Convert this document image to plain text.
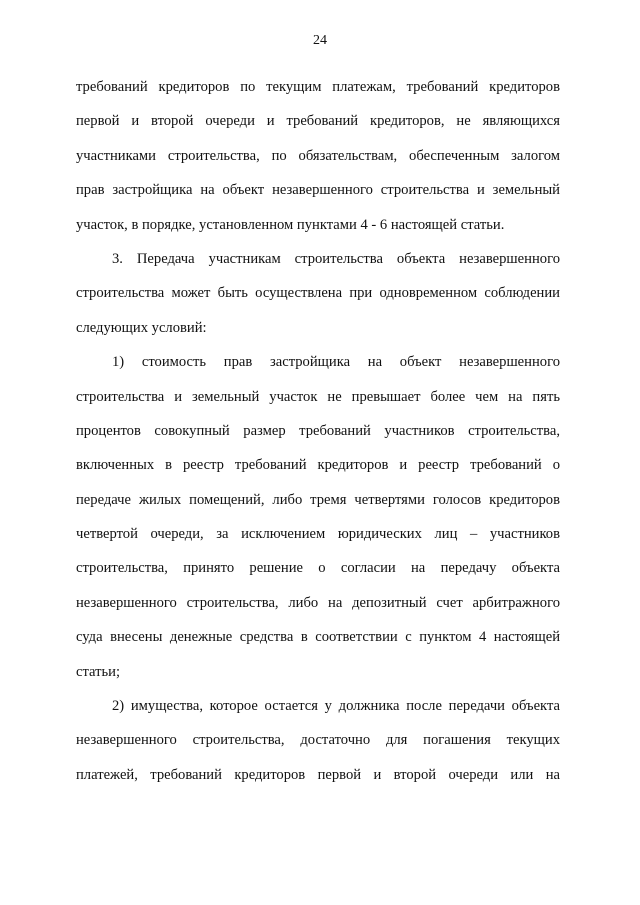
24
требований кредиторов по текущим платежам, требований кредиторов
первой и второй очереди и требований кредиторов, не являющихся
участниками строительства, по обязательствам, обеспеченным залогом
прав застройщика на объект незавершенного строительства и земельный
участок, в порядке, установленном пунктами 4 - 6 настоящей статьи.
3. Передача участникам строительства объекта незавершенного
строительства может быть осуществлена при одновременном соблюдении
следующих условий:
1) стоимость прав застройщика на объект незавершенного
строительства и земельный участок не превышает более чем на пять
процентов совокупный размер требований участников строительства,
включенных в реестр требований кредиторов и реестр требований о
передаче жилых помещений, либо тремя четвертями голосов кредиторов
четвертой очереди, за исключением юридических лиц – участников
строительства, принято решение о согласии на передачу объекта
незавершенного строительства, либо на депозитный счет арбитражного
суда внесены денежные средства в соответствии с пунктом 4 настоящей
статьи;
2) имущества, которое остается у должника после передачи объекта
незавершенного строительства, достаточно для погашения текущих
платежей, требований кредиторов первой и второй очереди или на
